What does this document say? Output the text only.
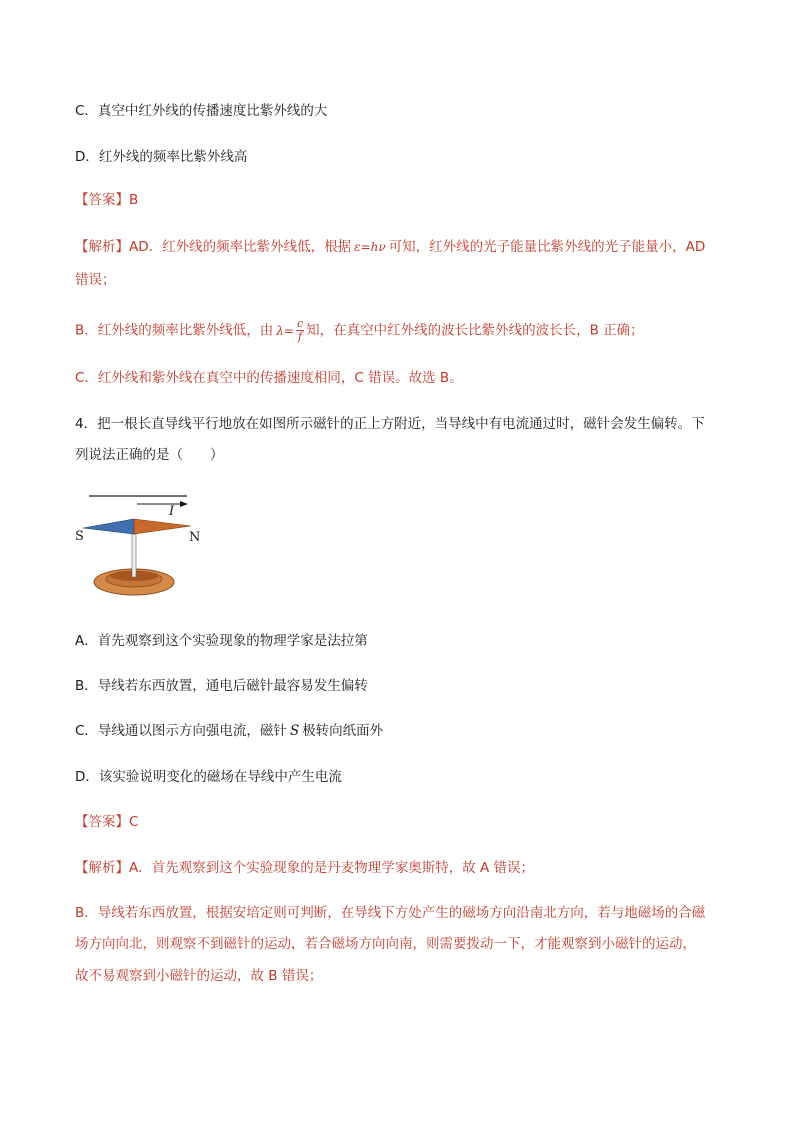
C．真空中红外线的传播速度比紫外线的大
D．红外线的频率比紫外线高
【答案】B
【解析】AD．红外线的频率比紫外线低，根据 ε=hν 可知，红外线的光子能量比紫外线的光子能量小，AD
错误；
B．红外线的频率比紫外线低，由 $\lambda= \frac{c}{f}$ 知，在真空中红外线的波长比紫外线的波长长，B 正确；
C．红外线和紫外线在真空中的传播速度相同，C 错误。故选 B。
4．把一根长直导线平行地放在如图所示磁针的正上方附近，当导线中有电流通过时，磁针会发生偏转。下
列说法正确的是（　　）
I
S	N
A．首先观察到这个实验现象的物理学家是法拉第
B．导线若东西放置，通电后磁针最容易发生偏转
C．导线通以图示方向强电流，磁针 S 极转向纸面外
D．该实验说明变化的磁场在导线中产生电流
【答案】C
【解析】A．首先观察到这个实验现象的是丹麦物理学家奥斯特，故 A 错误；
B．导线若东西放置，根据安培定则可判断，在导线下方处产生的磁场方向沿南北方向，若与地磁场的合磁
场方向向北，则观察不到磁针的运动，若合磁场方向向南，则需要拨动一下，才能观察到小磁针的运动，
故不易观察到小磁针的运动，故 B 错误；
